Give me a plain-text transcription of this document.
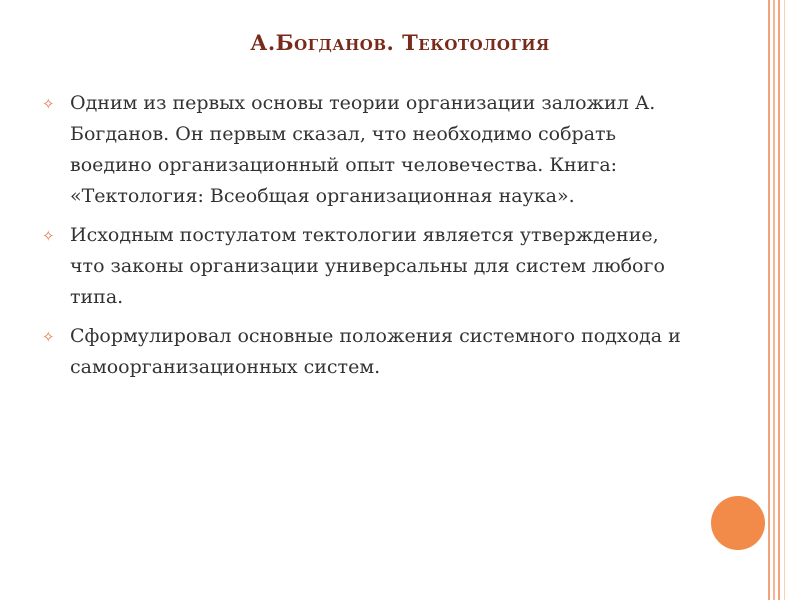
А.Богданов. Текотология
✧ Одним из первых основы теории организации заложил А. Богданов. Он первым сказал, что необходимо собрать воедино организационный опыт человечества. Книга: «Тектология: Всеобщая организационная наука».
✧ Исходным постулатом тектологии является утверждение, что законы организации универсальны для систем любого типа.
✧ Сформулировал основные положения системного подхода и самоорганизационных систем.
